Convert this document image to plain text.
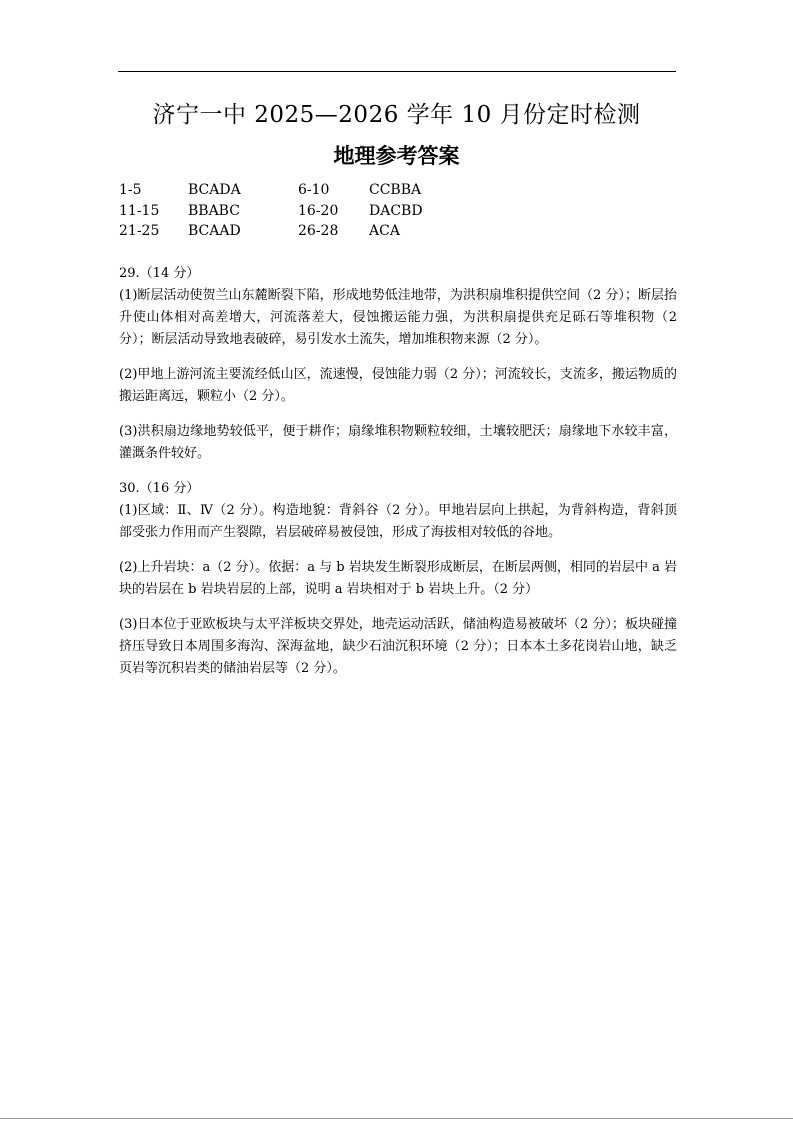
济宁一中 2025—2026 学年 10 月份定时检测
地理参考答案
1-5	BCADA	6-10	CCBBA
11-15 BBABC	16-20 DACBD
21-25 BCAAD	26-28 ACA

29.（14 分）

(1)断层活动使贺兰山东麓断裂下陷，形成地势低洼地带，为洪积扇堆积提供空间（2 分）；断层抬升使山体相对高差增大，河流落差大，侵蚀搬运能力强，为洪积扇提供充足砾石等堆积物（2 分）；断层活动导致地表破碎，易引发水土流失，增加堆积物来源（2 分）。

(2)甲地上游河流主要流经低山区，流速慢，侵蚀能力弱（2 分）；河流较长，支流多，搬运物质的搬运距离远，颗粒小（2 分）。

(3)洪积扇边缘地势较低平，便于耕作；扇缘堆积物颗粒较细，土壤较肥沃；扇缘地下水较丰富，灌溉条件较好。

30.（16 分）

(1)区域：Ⅱ、Ⅳ（2 分）。构造地貌：背斜谷（2 分）。甲地岩层向上拱起，为背斜构造，背斜顶部受张力作用而产生裂隙，岩层破碎易被侵蚀，形成了海拔相对较低的谷地。

(2)上升岩块：a（2 分）。依据：a 与 b 岩块发生断裂形成断层，在断层两侧，相同的岩层中 a 岩块的岩层在 b 岩块岩层的上部，说明 a 岩块相对于 b 岩块上升。（2 分）

(3)日本位于亚欧板块与太平洋板块交界处，地壳运动活跃，储油构造易被破坏（2 分）；板块碰撞挤压导致日本周围多海沟、深海盆地，缺少石油沉积环境（2 分）；日本本土多花岗岩山地，缺乏页岩等沉积岩类的储油岩层等（2 分）。
